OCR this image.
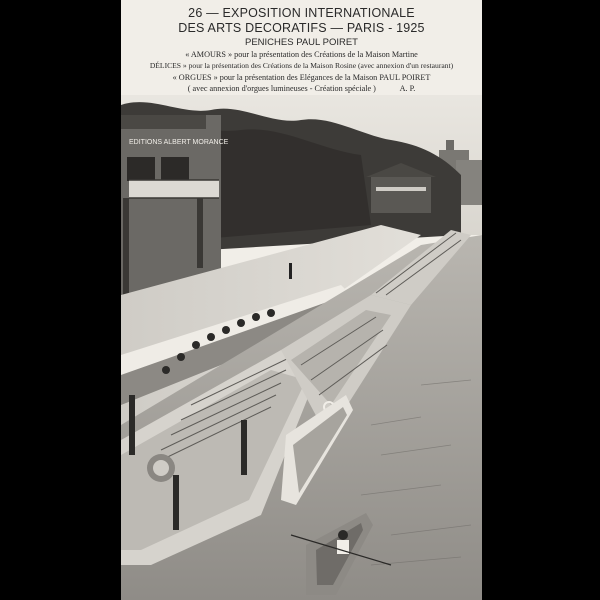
26 — EXPOSITION INTERNATIONALE
DES ARTS DECORATIFS — PARIS - 1925
PENICHES PAUL POIRET
« AMOURS » pour la présentation des Créations de la Maison Martine
DÉLICES » pour la présentation des Créations de la Maison Rosine (avec annexion d'un restaurant)
« ORGUES » pour la présentation des Elégances de la Maison PAUL POIRET
( avec annexion d'orgues lumineuses - Création spéciale )	A. P.
EDITIONS ALBERT MORANCE
